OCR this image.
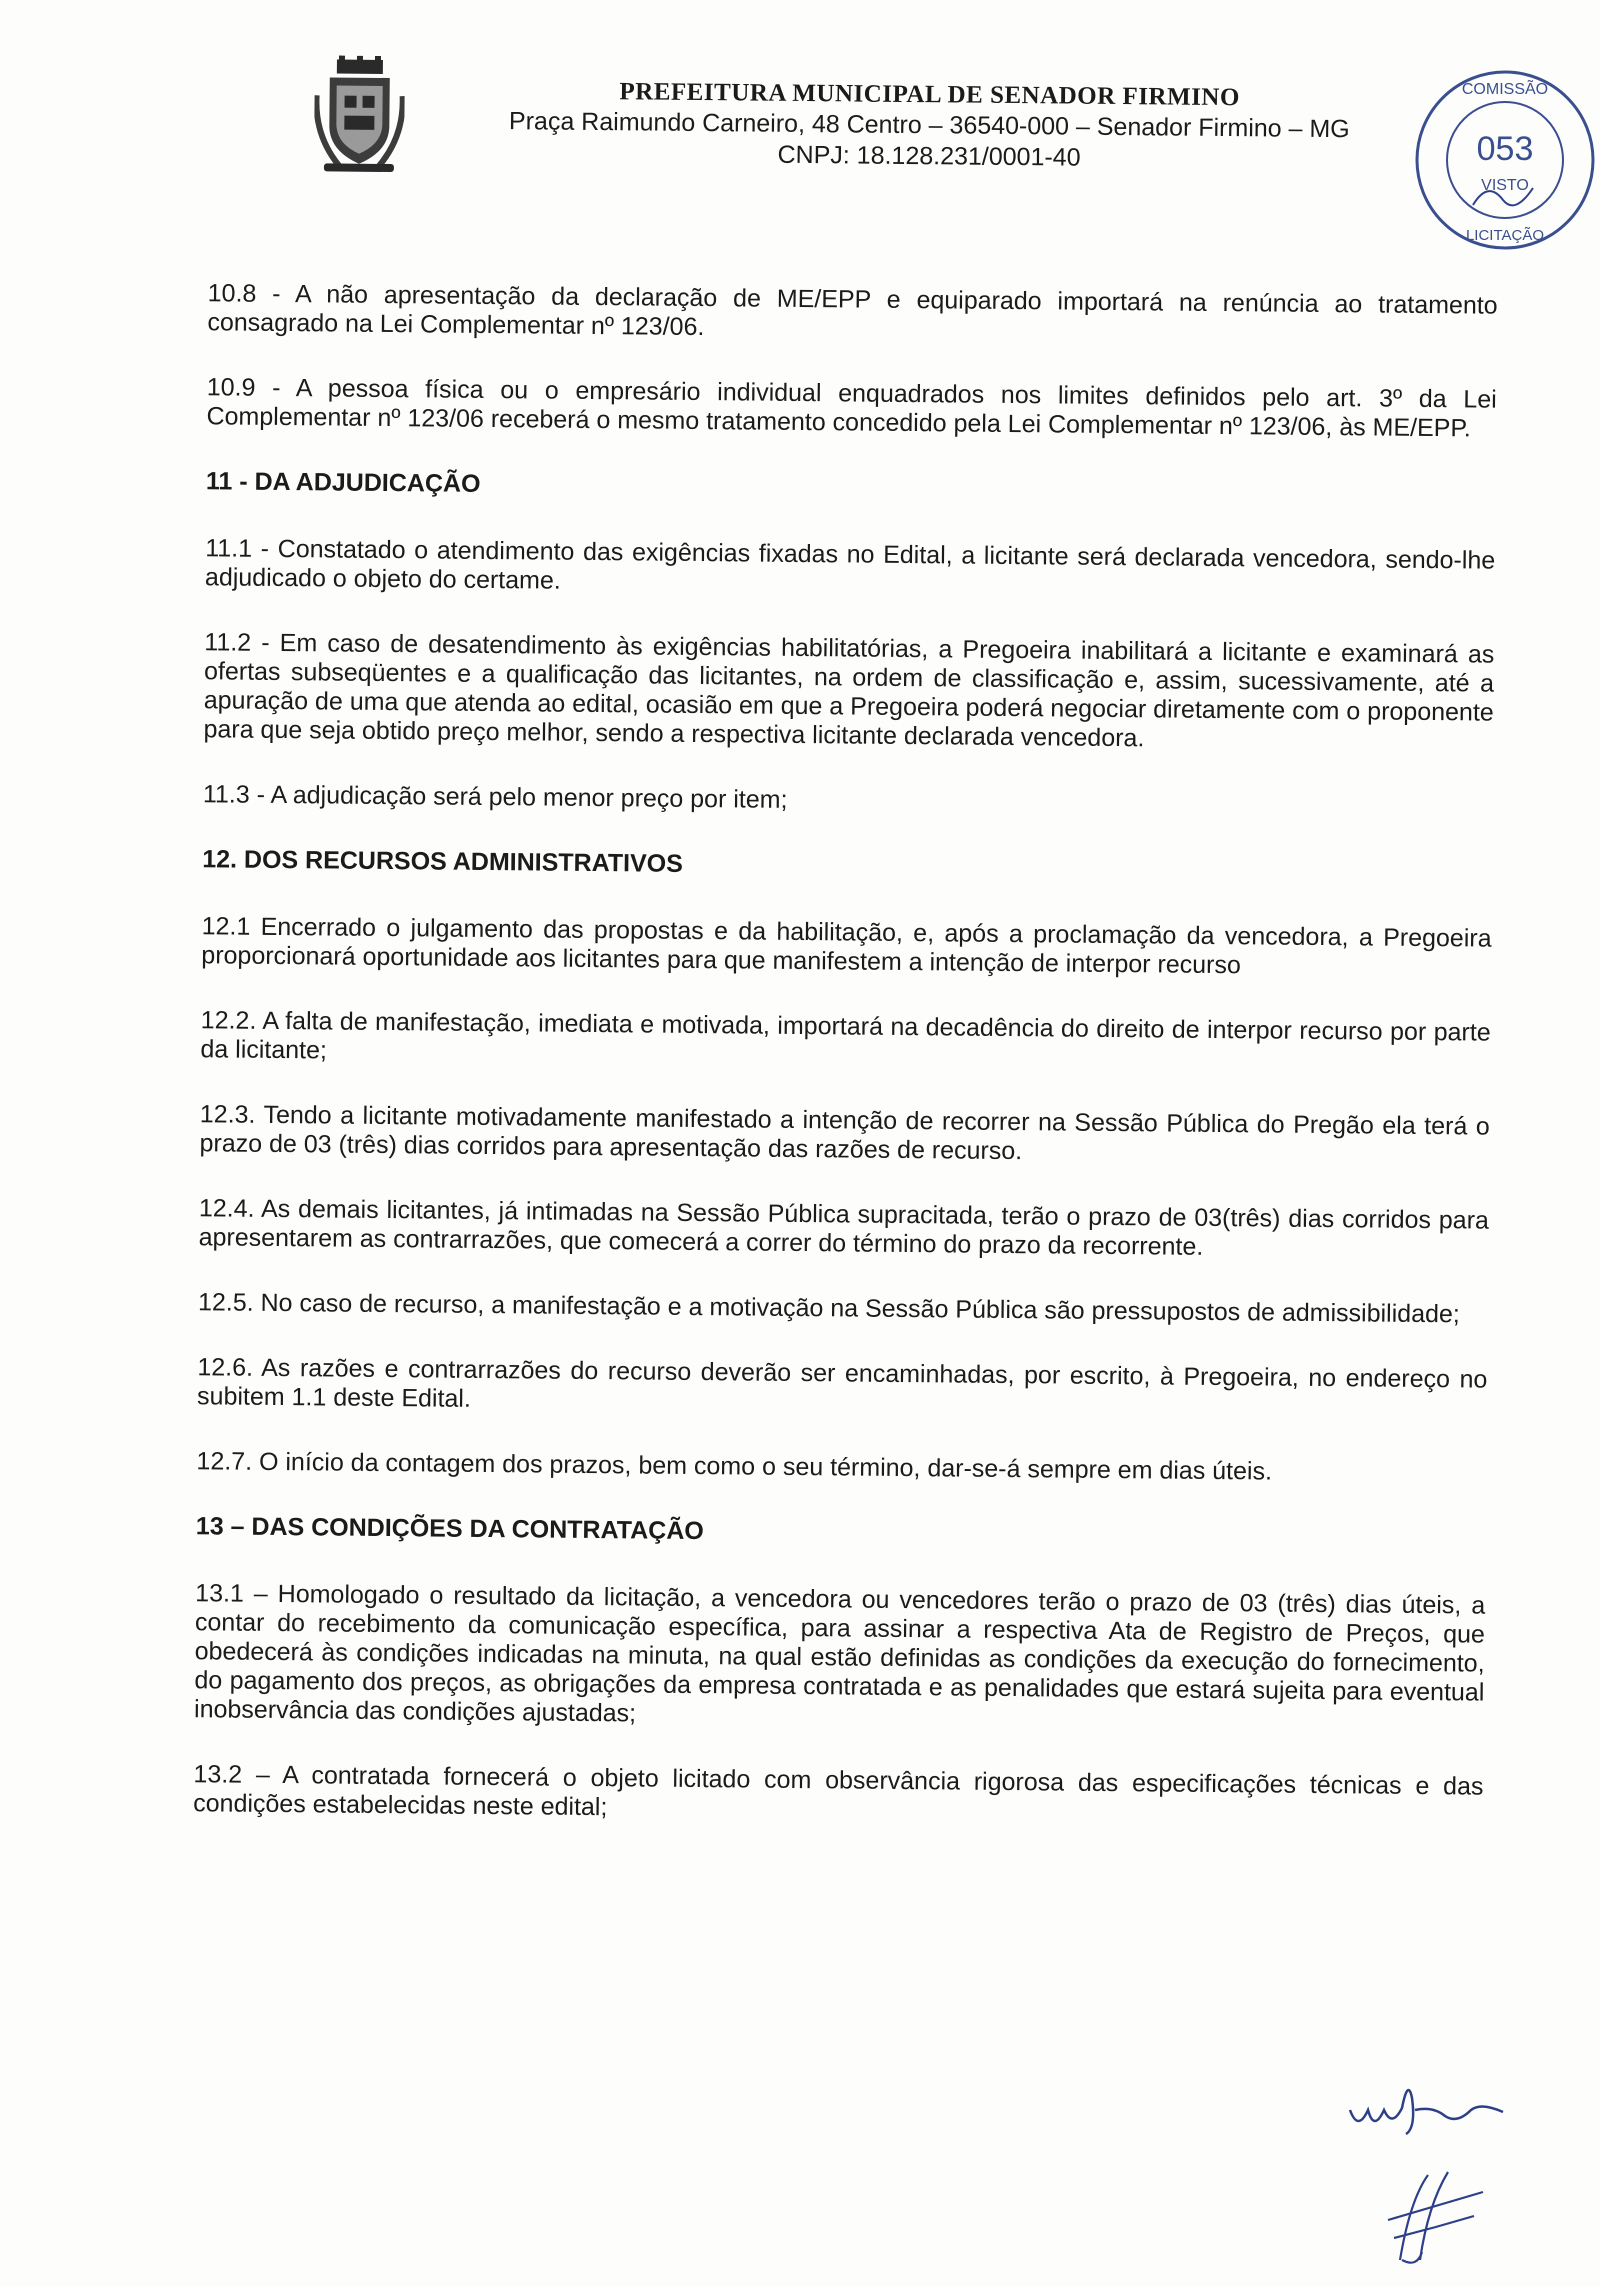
PREFEITURA MUNICIPAL DE SENADOR FIRMINO
Praça Raimundo Carneiro, 48 Centro – 36540-000 – Senador Firmino – MG
CNPJ: 18.128.231/0001-40

10.8 - A não apresentação da declaração de ME/EPP e equiparado importará na renúncia ao tratamento consagrado na Lei Complementar nº 123/06.

10.9 - A pessoa física ou o empresário individual enquadrados nos limites definidos pelo art. 3º da Lei Complementar nº 123/06 receberá o mesmo tratamento concedido pela Lei Complementar nº 123/06, às ME/EPP.

11 - DA ADJUDICAÇÃO

11.1 - Constatado o atendimento das exigências fixadas no Edital, a licitante será declarada vencedora, sendo-lhe adjudicado o objeto do certame.

11.2 - Em caso de desatendimento às exigências habilitatórias, a Pregoeira inabilitará a licitante e examinará as ofertas subseqüentes e a qualificação das licitantes, na ordem de classificação e, assim, sucessivamente, até a apuração de uma que atenda ao edital, ocasião em que a Pregoeira poderá negociar diretamente com o proponente para que seja obtido preço melhor, sendo a respectiva licitante declarada vencedora.

11.3 - A adjudicação será pelo menor preço por item;

12. DOS RECURSOS ADMINISTRATIVOS

12.1 Encerrado o julgamento das propostas e da habilitação, e, após a proclamação da vencedora, a Pregoeira proporcionará oportunidade aos licitantes para que manifestem a intenção de interpor recurso

12.2. A falta de manifestação, imediata e motivada, importará na decadência do direito de interpor recurso por parte da licitante;

12.3. Tendo a licitante motivadamente manifestado a intenção de recorrer na Sessão Pública do Pregão ela terá o prazo de 03 (três) dias corridos para apresentação das razões de recurso.

12.4. As demais licitantes, já intimadas na Sessão Pública supracitada, terão o prazo de 03(três) dias corridos para apresentarem as contrarrazões, que comecerá a correr do término do prazo da recorrente.

12.5. No caso de recurso, a manifestação e a motivação na Sessão Pública são pressupostos de admissibilidade;

12.6. As razões e contrarrazões do recurso deverão ser encaminhadas, por escrito, à Pregoeira, no endereço no subitem 1.1 deste Edital.

12.7. O início da contagem dos prazos, bem como o seu término, dar-se-á sempre em dias úteis.

13 – DAS CONDIÇÕES DA CONTRATAÇÃO

13.1 – Homologado o resultado da licitação, a vencedora ou vencedores terão o prazo de 03 (três) dias úteis, a contar do recebimento da comunicação específica, para assinar a respectiva Ata de Registro de Preços, que obedecerá às condições indicadas na minuta, na qual estão definidas as condições da execução do fornecimento, do pagamento dos preços, as obrigações da empresa contratada e as penalidades que estará sujeita para eventual inobservância das condições ajustadas;

13.2 – A contratada fornecerá o objeto licitado com observância rigorosa das especificações técnicas e das condições estabelecidas neste edital;

COMISSÃO
053
VISTO
LICITAÇÃO
